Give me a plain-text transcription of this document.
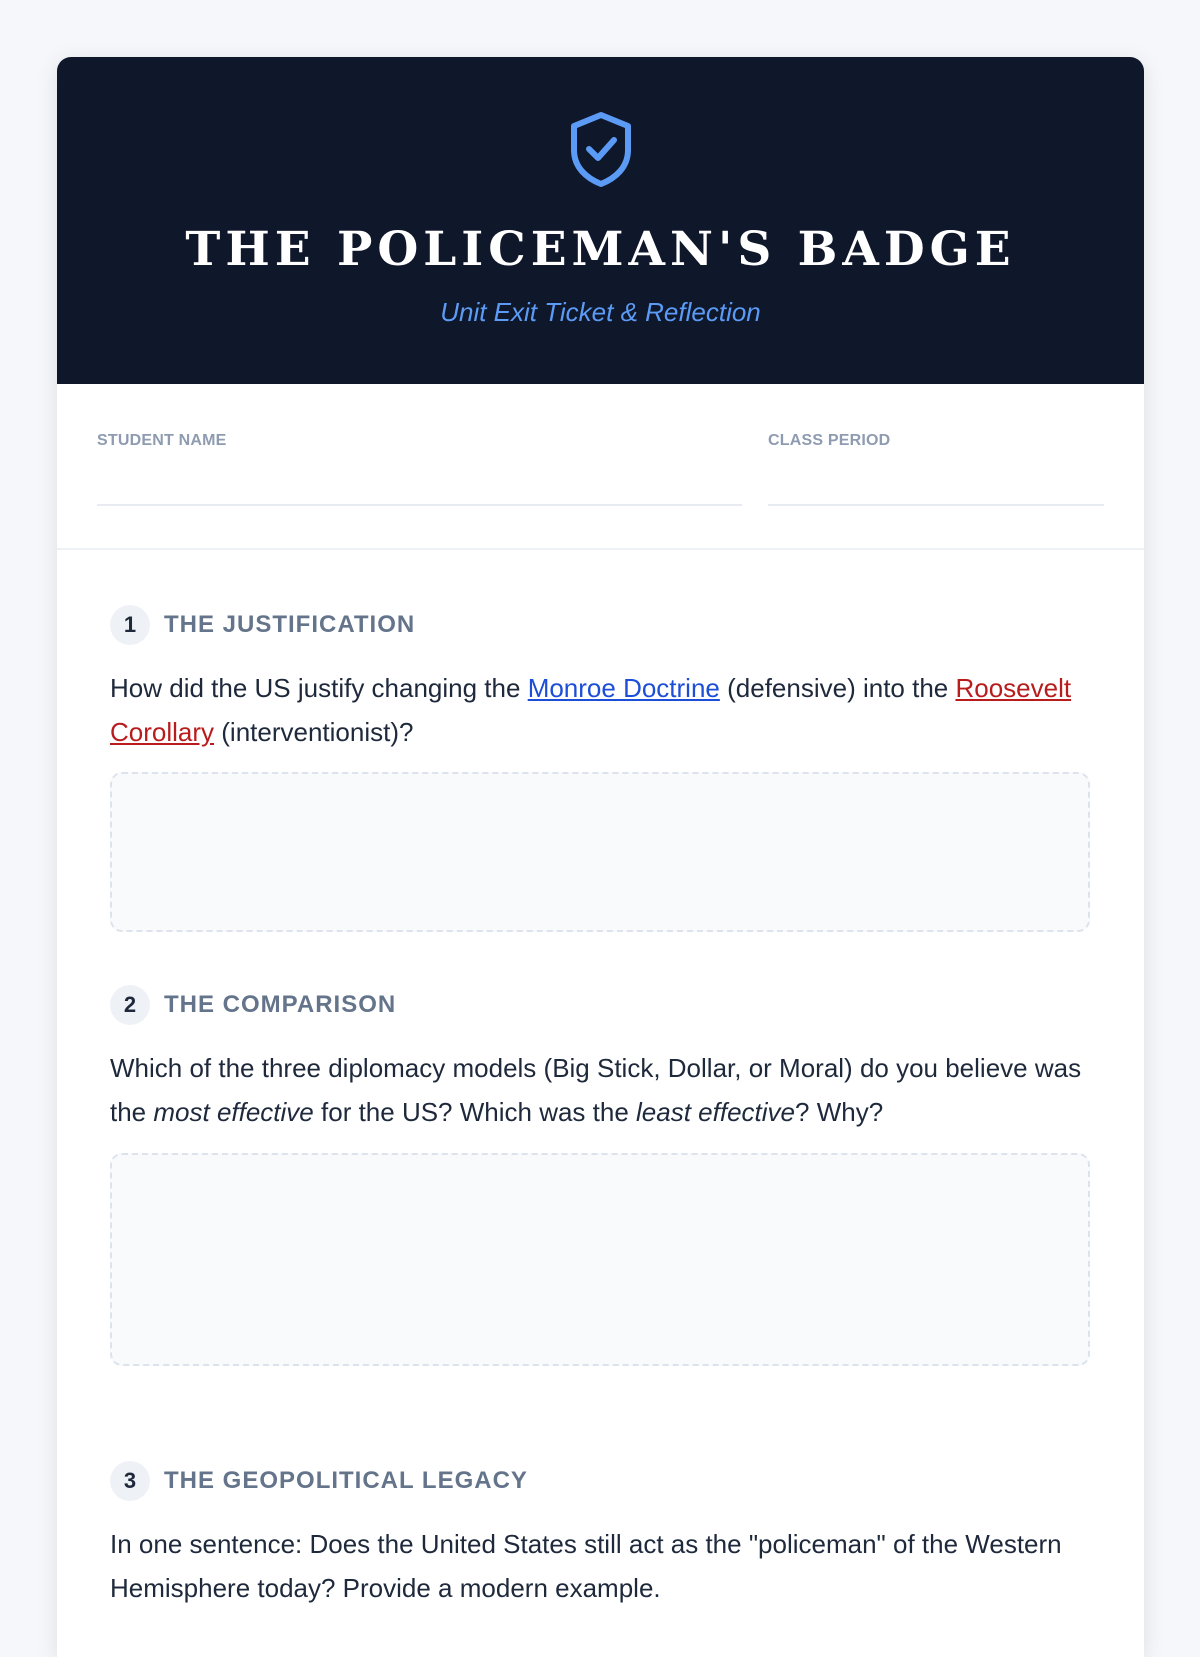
THE POLICEMAN'S BADGE
Unit Exit Ticket & Reflection
STUDENT NAME	CLASS PERIOD
1	THE JUSTIFICATION
How did the US justify changing the Monroe Doctrine (defensive) into the Roosevelt Corollary (interventionist)?
2	THE COMPARISON
Which of the three diplomacy models (Big Stick, Dollar, or Moral) do you believe was the most effective for the US? Which was the least effective? Why?
3	THE GEOPOLITICAL LEGACY
In one sentence: Does the United States still act as the "policeman" of the Western Hemisphere today? Provide a modern example.
